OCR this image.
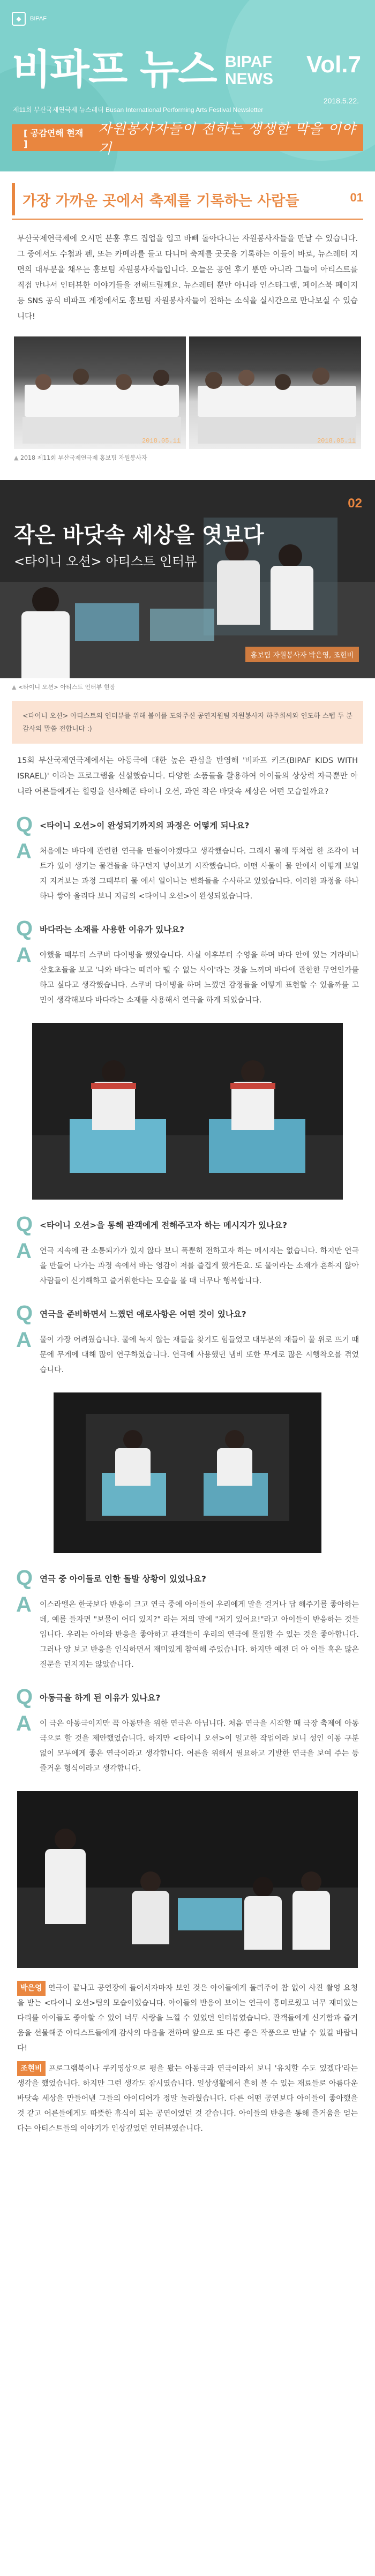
◆	BIPAF
비파프 뉴스 BIPAF
NEWS
Vol.7
제11회 부산국제연극제 뉴스레터 Busan International Performing Arts Festival Newsletter
2018.5.22.
[ 공감연해 현재 ]
자원봉사자들이 전하는 생생한 막을 이야기
가장 가까운 곳에서 축제를 기록하는 사람들	01
부산국제연극제에 오시면 분홍 후드 집업을 입고 바삐 돌아다니는 자원봉사자들을 만날 수 있습니다. 그 중에서도 수첩과 펜, 또는 카메라를 들고 다니며 축제를 곳곳을 기록하는 이들이 바로, 뉴스레터 지면의 대부분을 채우는 홍보팀 자원봉사자들입니다. 오늘은 공연 후기 뿐만 아니라 그들이 아티스트를 직접 만나서 인터뷰한 이야기들을 전해드릴께요. 뉴스레터 뿐만 아니라 인스타그램, 페이스북 페이지 등 SNS 공식 비파프 계정에서도 홍보팀 자원봉사자들이 전하는 소식을 실시간으로 만나보실 수 있습니다!
2018.05.11	2018.05.11
▲ 2018 제11회 부산국제연극제 홍보팀 자원봉사자
02
작은 바닷속 세상을 엿보다
<타이니 오션> 아티스트 인터뷰
홍보팀 자원봉사자 박은영, 조현비
▲ <타이니 오션> 아티스트 인터뷰 현장
<타이니 오션> 아티스트의 인터뷰를 위해 불어를 도와주신 공연지원팀 자원봉사자 하주희씨와 인도하 스텝 두 분 감사의 말씀 전합니다 :)
15회 부산국제연극제에서는 아동극에 대한 높은 관심을 반영해 '비파프 키즈(BIPAF KIDS WITH ISRAEL)' 이라는 프로그램을 신설했습니다. 다양한 소품들을 활용하여 아이들의 상상력 자극뿐만 아니라 어른들에게는 힐링을 선사해준 타이니 오션, 과연 작은 바닷속 세상은 어떤 모습일까요?
Q <타이니 오션>이 완성되기까지의 과정은 어떻게 되나요?
A 처음에는 바다에 관련한 연극을 만들어야겠다고 생각했습니다. 그래서 물에 뚜처럼 한 조각이 너 트가 있어 생기는 물건들을 하구던지 넣어보기 시작했습니다. 어떤 사물이 물 안에서 어떻게 보일지 지켜보는 과정 그때부터 물 에서 일어나는 변화들을 수사하고 있었습니다. 이러한 과정을 하나하나 쌓아 올리다 보니 지금의 <타이니 오션>이 완성되었습니다.
Q 바다라는 소재를 사용한 이유가 있나요?
A 아했을 때부터 스쿠버 다이빙을 했었습니다. 사실 이후부터 수영을 하며 바다 안에 있는 거라비나 산호초들을 보고 '나와 바다는 떼려야 뗄 수 없는 사이'라는 것을 느끼며 바다에 관한한 무언인가를 하고 싶다고 생각했습니다. 스쿠버 다이빙을 하며 느꼈던 감정들을 어떻게 표현할 수 있을까를 고민이 생각해보다 바다라는 소재를 사용해서 연극을 하게 되었습니다.
Q <타이니 오션>을 통해 관객에게 전해주고자 하는 메시지가 있나요?
A 연극 지속에 관 소통되가가 있지 않다 보니 폭뿐히 전하고자 하는 메시지는 없습니다. 하지만 연극을 만들어 나가는 과정 속에서 바는 영감이 저를 즐겁게 했거든요. 또 물이라는 소재가 흔하지 않아 사람들이 신기해하고 즐거워한다는 모습을 볼 때 너무나 행복합니다.
Q 연극을 준비하면서 느꼈던 애로사항은 어떤 것이 있나요?
A 물이 가장 어려웠습니다. 물에 녹지 않는 재들을 찾기도 힘들었고 대부분의 재들이 물 위로 뜨기 때문에 무게에 대해 많이 연구하였습니다. 연극에 사용했던 냄비 또한 무게로 많은 시행착오를 겪었습니다.
Q 연극 중 아이들로 인한 돌발 상황이 있었나요?
A 이스라엘은 한국보다 반응이 크고 연극 중에 아이들이 우리에게 말을 걸거나 답 해주기를 좋아하는데, 예를 들자면 "보물이 어디 있지?" 라는 저의 말에 "저기 있어요!"라고 아이들이 반응하는 것들입니다. 우리는 아이와 반응을 좋아하고 관객들이 우리의 연극에 몰입할 수 있는 것을 좋아합니다. 그러나 앙 보고 반응을 인식하면서 재미있게 참여해 주었습니다. 하지만 예전 더 아 이들 혹은 많은 질문을 던지지는 않았습니다.
Q 아동극을 하게 된 이유가 있나요?
A 이 극은 아동극이지만 꼭 아동만을 위한 연극은 아닙니다. 처음 연극을 시작할 때 극장 축제에 아동극으로 할 것을 제안했었습니다. 하지만 <타이니 오션>이 일고한 작업이라 보니 성인 이동 구분 없이 모두에게 좋은 연극이라고 생각합니다. 어른을 위해서 필요하고 기발한 연극을 보여 주는 등 즐거운 형식이라고 생각합니다.

박은영 연극이 끝나고 공연장에 들어서자마자 보인 것은 아이들에게 돌려주어 참 없이 사진 촬영 요청을 받는 <타이니 오션>팀의 모습이었습니다. 아이들의 반응이 보이는 연극이 흥미로웠고 너무 재미있는 다리를 아이들도 좋아할 수 있어 너무 사랑을 느낄 수 있었던 인터뷰였습니다. 관객들에게 신기함과 즐거움을 선물해준 아티스트들에게 감사의 마음을 전하며 앞으로 또 다른 좋은 작품으로 만날 수 있길 바랍니다!

조현비 프로그램북이나 쿠키영상으로 평을 봤는 아동극과 연극이라서 보니 '유치할 수도 있겠다'라는 생각을 했었습니다. 하지만 그런 생각도 잠시였습니다. 일상생활에서 흔히 볼 수 있는 재료들로 아름다운 바닷속 세상을 만들어낸 그들의 아이디어가 정말 놀라웠습니다. 다른 어떤 공연보다 아이들이 좋아했을 것 같고 어른들에게도 따뜻한 휴식이 되는 공연이었던 것 같습니다. 아이들의 반응을 통해 즐거움을 얻는다는 아티스트들의 이야기가 인상깊었던 인터뷰였습니다.
